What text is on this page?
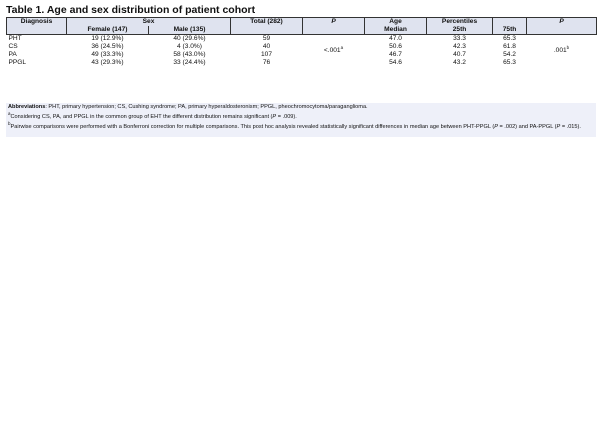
Table 1. Age and sex distribution of patient cohort
Diagnosis	Sex		Total (282)	P	Age	Percentiles		P
	Female (147)	Male (135)			Median	25th	75th	
PHT	19 (12.9%)	40 (29.6%)	59	<.001$^a$	47.0	33.3	65.3	.001$^b$
CS	36 (24.5%)	4 (3.0%)	40		50.6	42.3	61.8	
PA	49 (33.3%)	58 (43.0%)	107		46.7	40.7	54.2	
PPGL	43 (29.3%)	33 (24.4%)	76		54.6	43.2	65.3	

Abbreviations: PHT, primary hypertension; CS, Cushing syndrome; PA, primary hyperaldosteronism; PPGL, pheochromocytoma/paraganglioma.

$^a$Considering CS, PA, and PPGL in the common group of EHT the different distribution remains significant (P = .009).

$^b$Pairwise comparisons were performed with a Bonferroni correction for multiple comparisons. This post hoc analysis revealed statistically significant differences in median age between PHT-PPGL (P = .002) and PA-PPGL (P = .015).
